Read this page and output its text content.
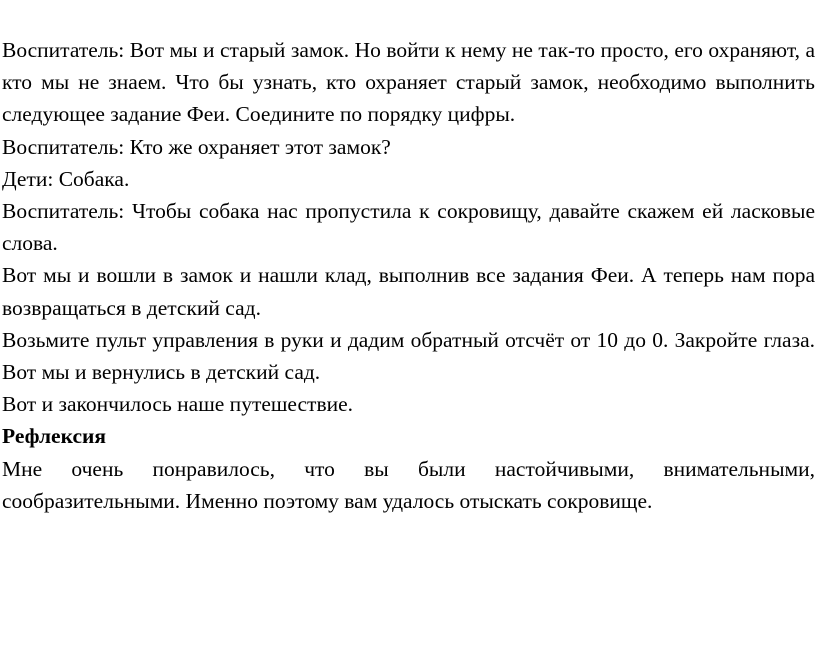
Воспитатель: Вот мы и старый замок. Но войти к нему не так-то просто, его охраняют, а кто мы не знаем. Что бы узнать, кто охраняет старый замок, необходимо выполнить следующее задание Феи. Соедините по порядку цифры.

Воспитатель: Кто же охраняет этот замок?

Дети: Собака.

Воспитатель: Чтобы собака нас пропустила к сокровищу, давайте скажем ей ласковые слова.

Вот мы и вошли в замок и нашли клад, выполнив все задания Феи. А теперь нам пора возвращаться в детский сад.

Возьмите пульт управления в руки и дадим обратный отсчёт от 10 до 0. Закройте глаза. Вот мы и вернулись в детский сад.

Вот и закончилось наше путешествие.

Рефлексия

Мне очень понравилось, что вы были настойчивыми, внимательными, сообразительными. Именно поэтому вам удалось отыскать сокровище.
